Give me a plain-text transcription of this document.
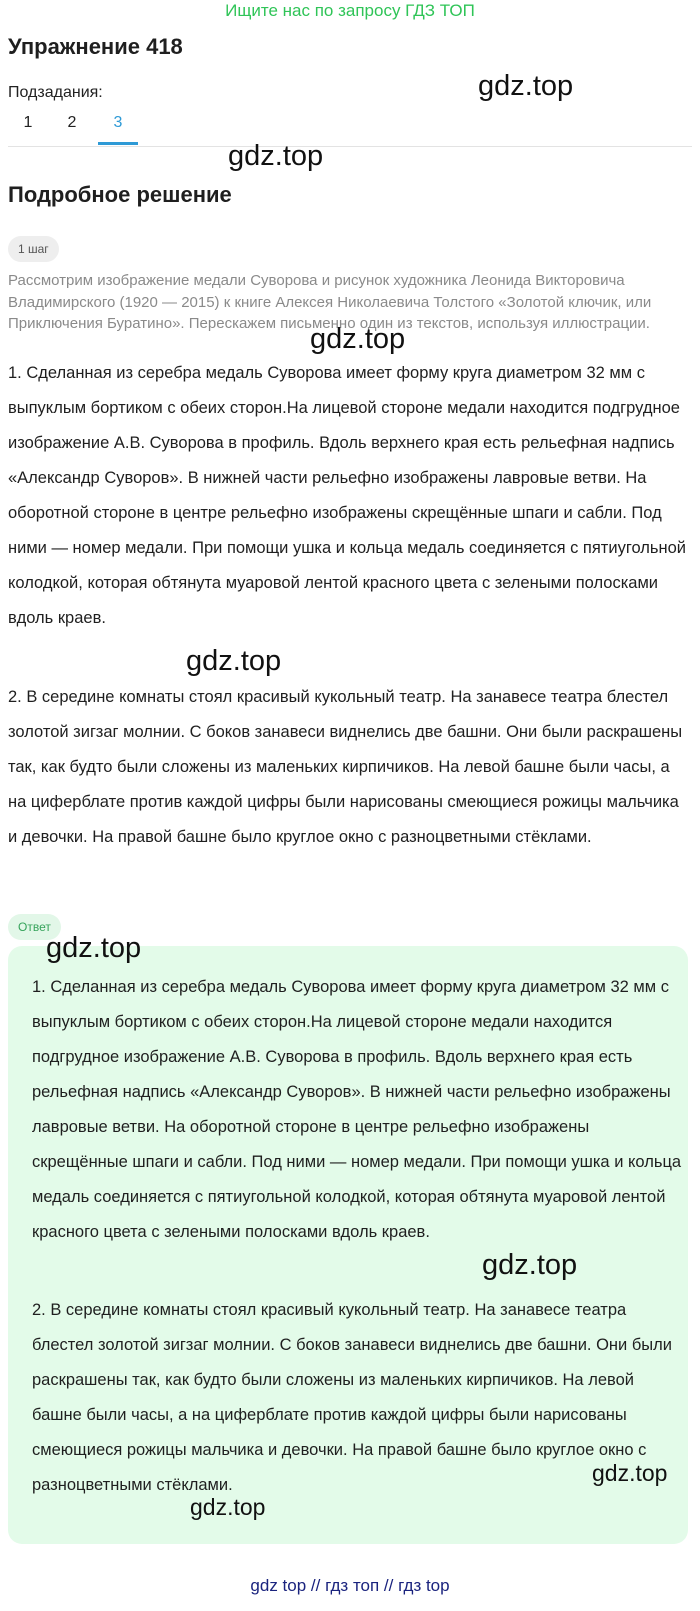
Ищите нас по запросу ГДЗ ТОП
Упражнение 418
Подзадания:
1	2	3
Подробное решение
1 шаг

Рассмотрим изображение медали Суворова и рисунок художника Леонида Викторовича Владимирского (1920 — 2015) к книге Алексея Николаевича Толстого «Золотой ключик, или Приключения Буратино». Перескажем письменно один из текстов, используя иллюстрации.

1. Сделанная из серебра медаль Суворова имеет форму круга диаметром 32 мм с выпуклым бортиком с обеих сторон.На лицевой стороне медали находится подгрудное изображение А.В. Суворова в профиль. Вдоль верхнего края есть рельефная надпись «Александр Суворов». В нижней части рельефно изображены лавровые ветви. На оборотной стороне в центре рельефно изображены скрещённые шпаги и сабли. Под ними — номер медали. При помощи ушка и кольца медаль соединяется с пятиугольной колодкой, которая обтянута муаровой лентой красного цвета с зелеными полосками вдоль краев.

2. В середине комнаты стоял красивый кукольный театр. На занавесе театра блестел золотой зигзаг молнии. С боков занавеси виднелись две башни. Они были раскрашены так, как будто были сложены из маленьких кирпичиков. На левой башне были часы, а на циферблате против каждой цифры были нарисованы смеющиеся рожицы мальчика и девочки. На правой башне было круглое окно с разноцветными стёклами.

Ответ

1. Сделанная из серебра медаль Суворова имеет форму круга диаметром 32 мм с выпуклым бортиком с обеих сторон.На лицевой стороне медали находится подгрудное изображение А.В. Суворова в профиль. Вдоль верхнего края есть рельефная надпись «Александр Суворов». В нижней части рельефно изображены лавровые ветви. На оборотной стороне в центре рельефно изображены скрещённые шпаги и сабли. Под ними — номер медали. При помощи ушка и кольца медаль соединяется с пятиугольной колодкой, которая обтянута муаровой лентой красного цвета с зелеными полосками вдоль краев.

2. В середине комнаты стоял красивый кукольный театр. На занавесе театра блестел золотой зигзаг молнии. С боков занавеси виднелись две башни. Они были раскрашены так, как будто были сложены из маленьких кирпичиков. На левой башне были часы, а на циферблате против каждой цифры были нарисованы смеющиеся рожицы мальчика и девочки. На правой башне было круглое окно с разноцветными стёклами.

gdz.top
gdz.top
gdz.top
gdz.top
gdz.top
gdz.top
gdz.top
gdz.top
gdz top // гдз топ // гдз top
